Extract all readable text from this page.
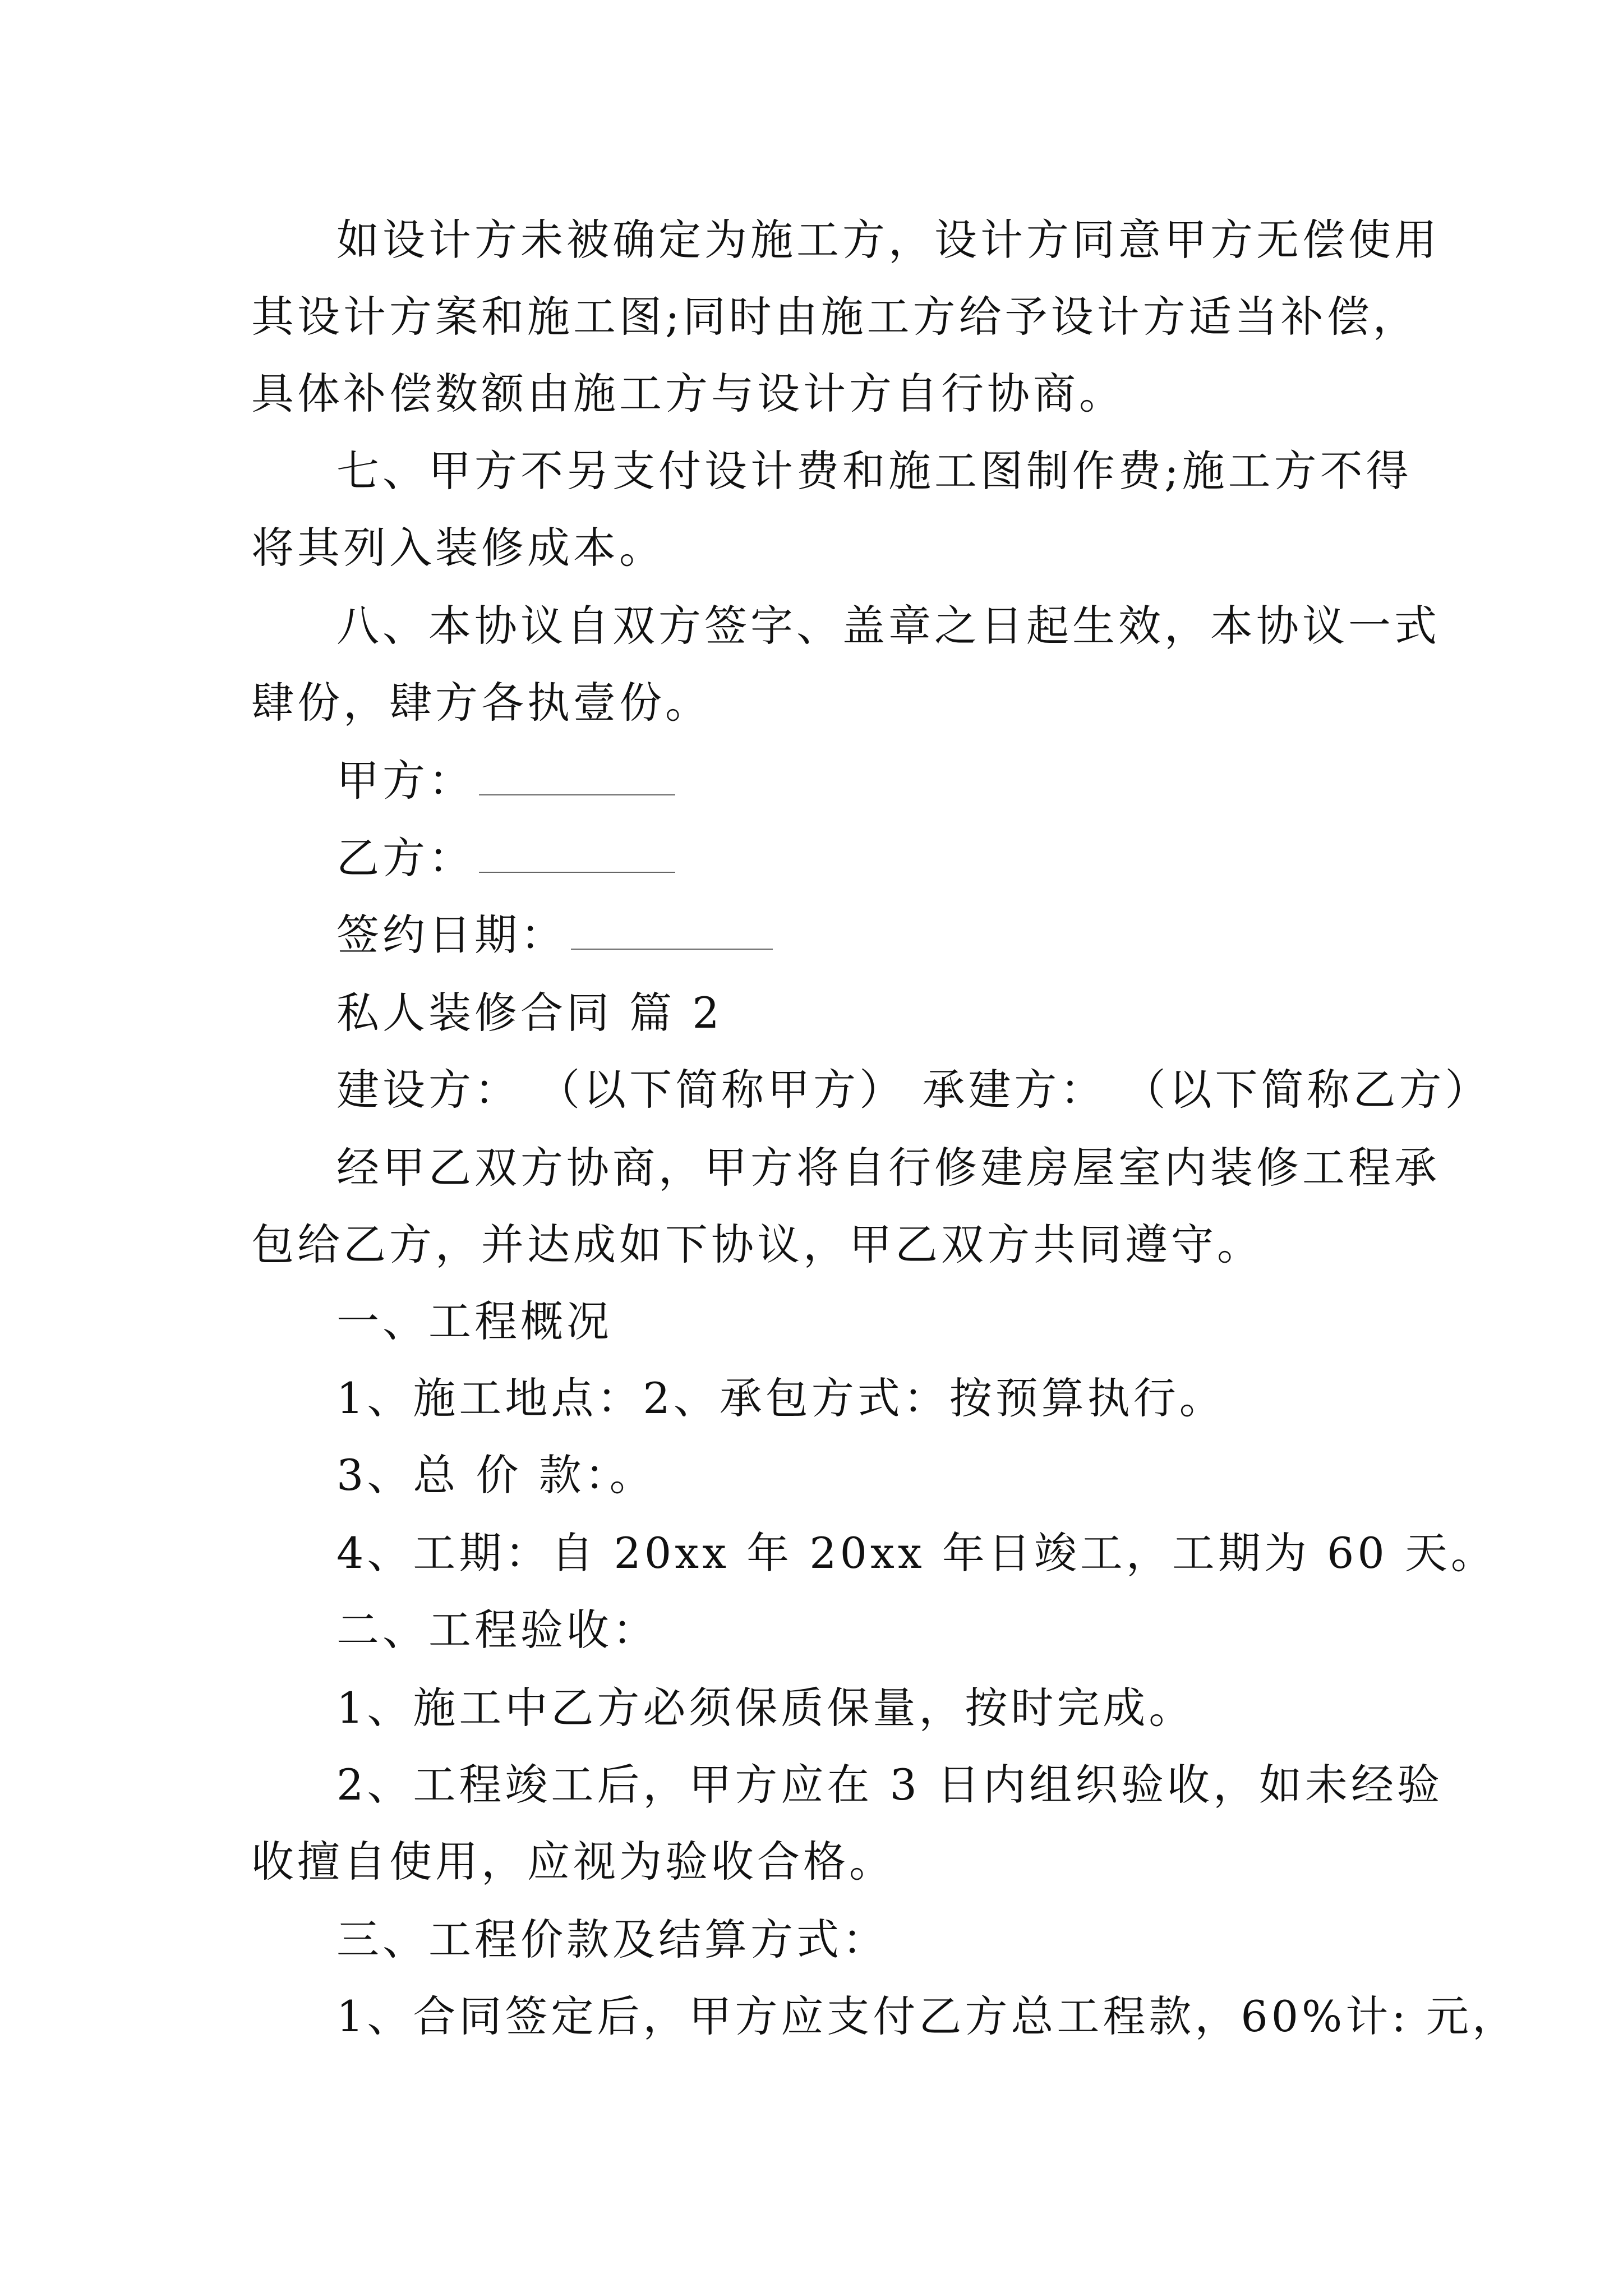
如设计方未被确定为施工方，设计方同意甲方无偿使用
其设计方案和施工图;同时由施工方给予设计方适当补偿，
具体补偿数额由施工方与设计方自行协商。
七、甲方不另支付设计费和施工图制作费;施工方不得
将其列入装修成本。
八、本协议自双方签字、盖章之日起生效，本协议一式
肆份，肆方各执壹份。
甲方：
乙方：
签约日期：
私人装修合同 篇 2
建设方： （以下简称甲方） 承建方： （以下简称乙方）
经甲乙双方协商，甲方将自行修建房屋室内装修工程承
包给乙方，并达成如下协议，甲乙双方共同遵守。
一、工程概况
1、施工地点：2、承包方式：按预算执行。
3、总 价 款：。
4、工期：自 20xx 年 20xx 年日竣工，工期为 60 天。
二、工程验收：
1、施工中乙方必须保质保量，按时完成。
2、工程竣工后，甲方应在 3 日内组织验收，如未经验
收擅自使用，应视为验收合格。
三、工程价款及结算方式：
1、合同签定后，甲方应支付乙方总工程款，60%计: 元，
